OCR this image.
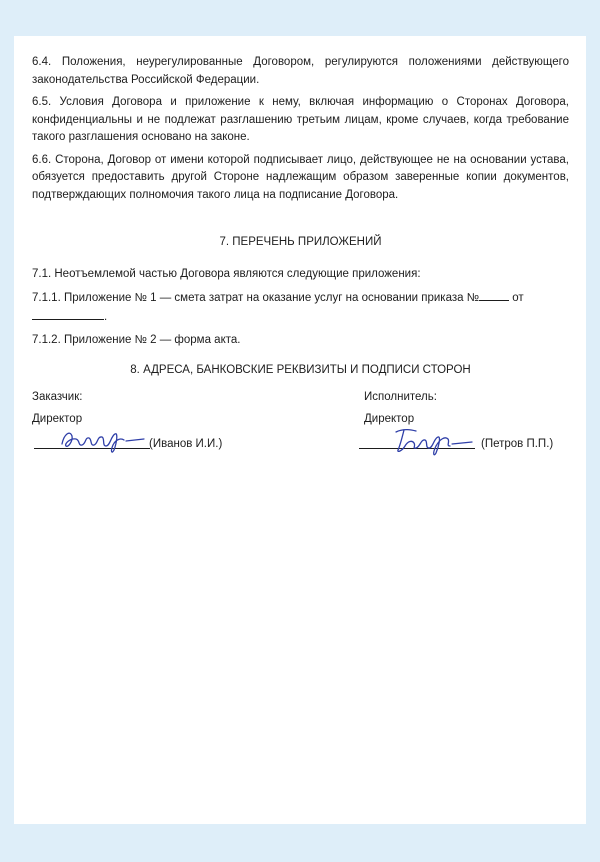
6.4. Положения, неурегулированные Договором, регулируются положениями действующего законодательства Российской Федерации.

6.5. Условия Договора и приложение к нему, включая информацию о Сторонах Договора, конфиденциальны и не подлежат разглашению третьим лицам, кроме случаев, когда требование такого разглашения основано на законе.

6.6. Сторона, Договор от имени которой подписывает лицо, действующее не на основании устава, обязуется предоставить другой Стороне надлежащим образом заверенные копии документов, подтверждающих полномочия такого лица на подписание Договора.

7. ПЕРЕЧЕНЬ ПРИЛОЖЕНИЙ

7.1. Неотъемлемой частью Договора являются следующие приложения:

7.1.1. Приложение № 1 — смета затрат на оказание услуг на основании приказа №	от .

7.1.2. Приложение № 2 — форма акта.

8. АДРЕСА, БАНКОВСКИЕ РЕКВИЗИТЫ И ПОДПИСИ СТОРОН

Заказчик:

Директор

(Иванов И.И.)

Исполнитель:

Директор

(Петров П.П.)
